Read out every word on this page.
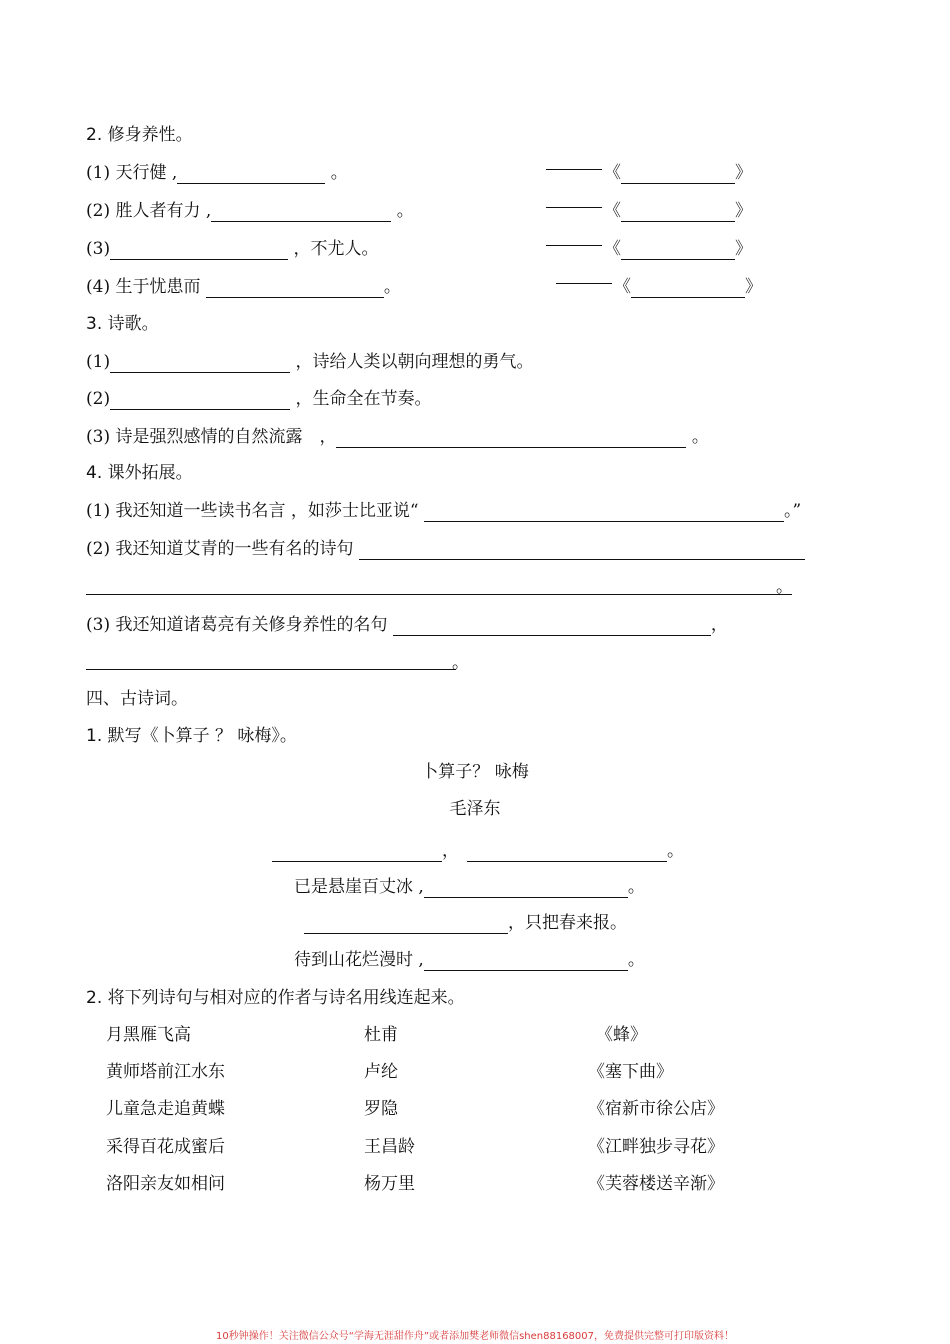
2. 修身养性。
(1) 天行健 ,	。	《	》
(2) 胜人者有力 ,	。	《	》
(3)	，不尤人。	《	》
(4) 生于忧患而	。	《	》
3. 诗歌。
(1)	，诗给人类以朝向理想的勇气。
(2)	，生命全在节奏。
(3) 诗是强烈感情的自然流露　，	。
4. 课外拓展。
(1) 我还知道一些读书名言 ，如莎士比亚说“	。”
(2) 我还知道艾青的一些有名的诗句
。
(3) 我还知道诸葛亮有关修身养性的名句	，
。
四、古诗词。
1. 默写《卜算子 ？ 咏梅》。
卜算子？ 咏梅
毛泽东
，	。
已是悬崖百丈冰 ,	。
，只把春来报。
待到山花烂漫时 ,	。
2. 将下列诗句与相对应的作者与诗名用线连起来。
月黑雁飞高	杜甫	《蜂》
黄师塔前江水东	卢纶	《塞下曲》
儿童急走追黄蝶	罗隐	《宿新市徐公店》
采得百花成蜜后	王昌龄	《江畔独步寻花》
洛阳亲友如相问	杨万里	《芙蓉楼送辛渐》
10秒钟操作！关注微信公众号“学海无涯甜作舟”或者添加樊老师微信shen88168007，免费提供完整可打印版资料！
